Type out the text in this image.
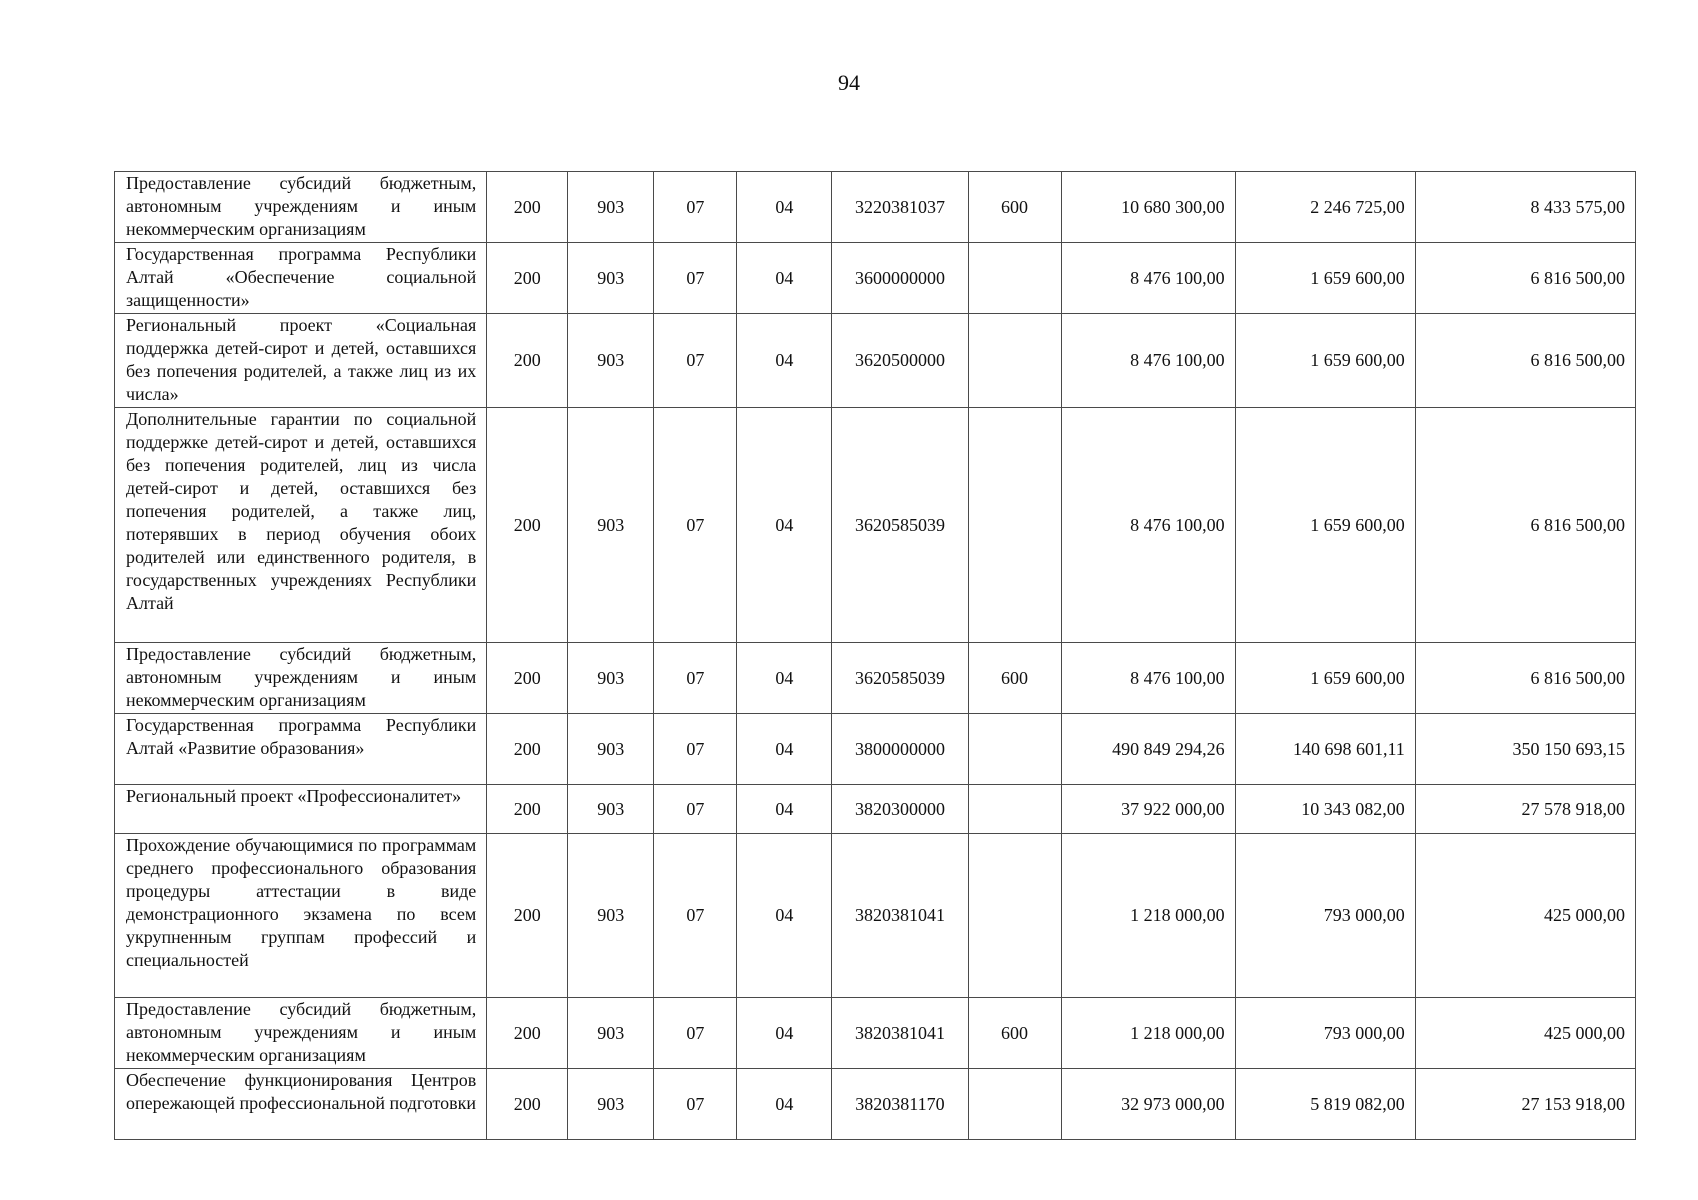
94
Предоставление субсидий бюджетным, автономным учреждениям и иным некоммерческим организациям	200	903	07	04	3220381037	600	10 680 300,00	2 246 725,00	8 433 575,00
Государственная программа Республики Алтай «Обеспечение социальной защищенности»	200	903	07	04	3600000000		8 476 100,00	1 659 600,00	6 816 500,00
Региональный проект «Социальная поддержка детей-сирот и детей, оставшихся без попечения родителей, а также лиц из их числа»	200	903	07	04	3620500000		8 476 100,00	1 659 600,00	6 816 500,00
Дополнительные гарантии по социальной поддержке детей-сирот и детей, оставшихся без попечения родителей, лиц из числа детей-сирот и детей, оставшихся без попечения родителей, а также лиц, потерявших в период обучения обоих родителей или единственного родителя, в государственных учреждениях Республики Алтай	200	903	07	04	3620585039		8 476 100,00	1 659 600,00	6 816 500,00
Предоставление субсидий бюджетным, автономным учреждениям и иным некоммерческим организациям	200	903	07	04	3620585039	600	8 476 100,00	1 659 600,00	6 816 500,00
Государственная программа Республики Алтай «Развитие образования»	200	903	07	04	3800000000		490 849 294,26	140 698 601,11	350 150 693,15
Региональный проект «Профессионалитет»	200	903	07	04	3820300000		37 922 000,00	10 343 082,00	27 578 918,00
Прохождение обучающимися по программам среднего профессионального образования процедуры аттестации в виде демонстрационного экзамена по всем укрупненным группам профессий и специальностей	200	903	07	04	3820381041		1 218 000,00	793 000,00	425 000,00
Предоставление субсидий бюджетным, автономным учреждениям и иным некоммерческим организациям	200	903	07	04	3820381041	600	1 218 000,00	793 000,00	425 000,00
Обеспечение функционирования Центров опережающей профессиональной подготовки	200	903	07	04	3820381170		32 973 000,00	5 819 082,00	27 153 918,00
